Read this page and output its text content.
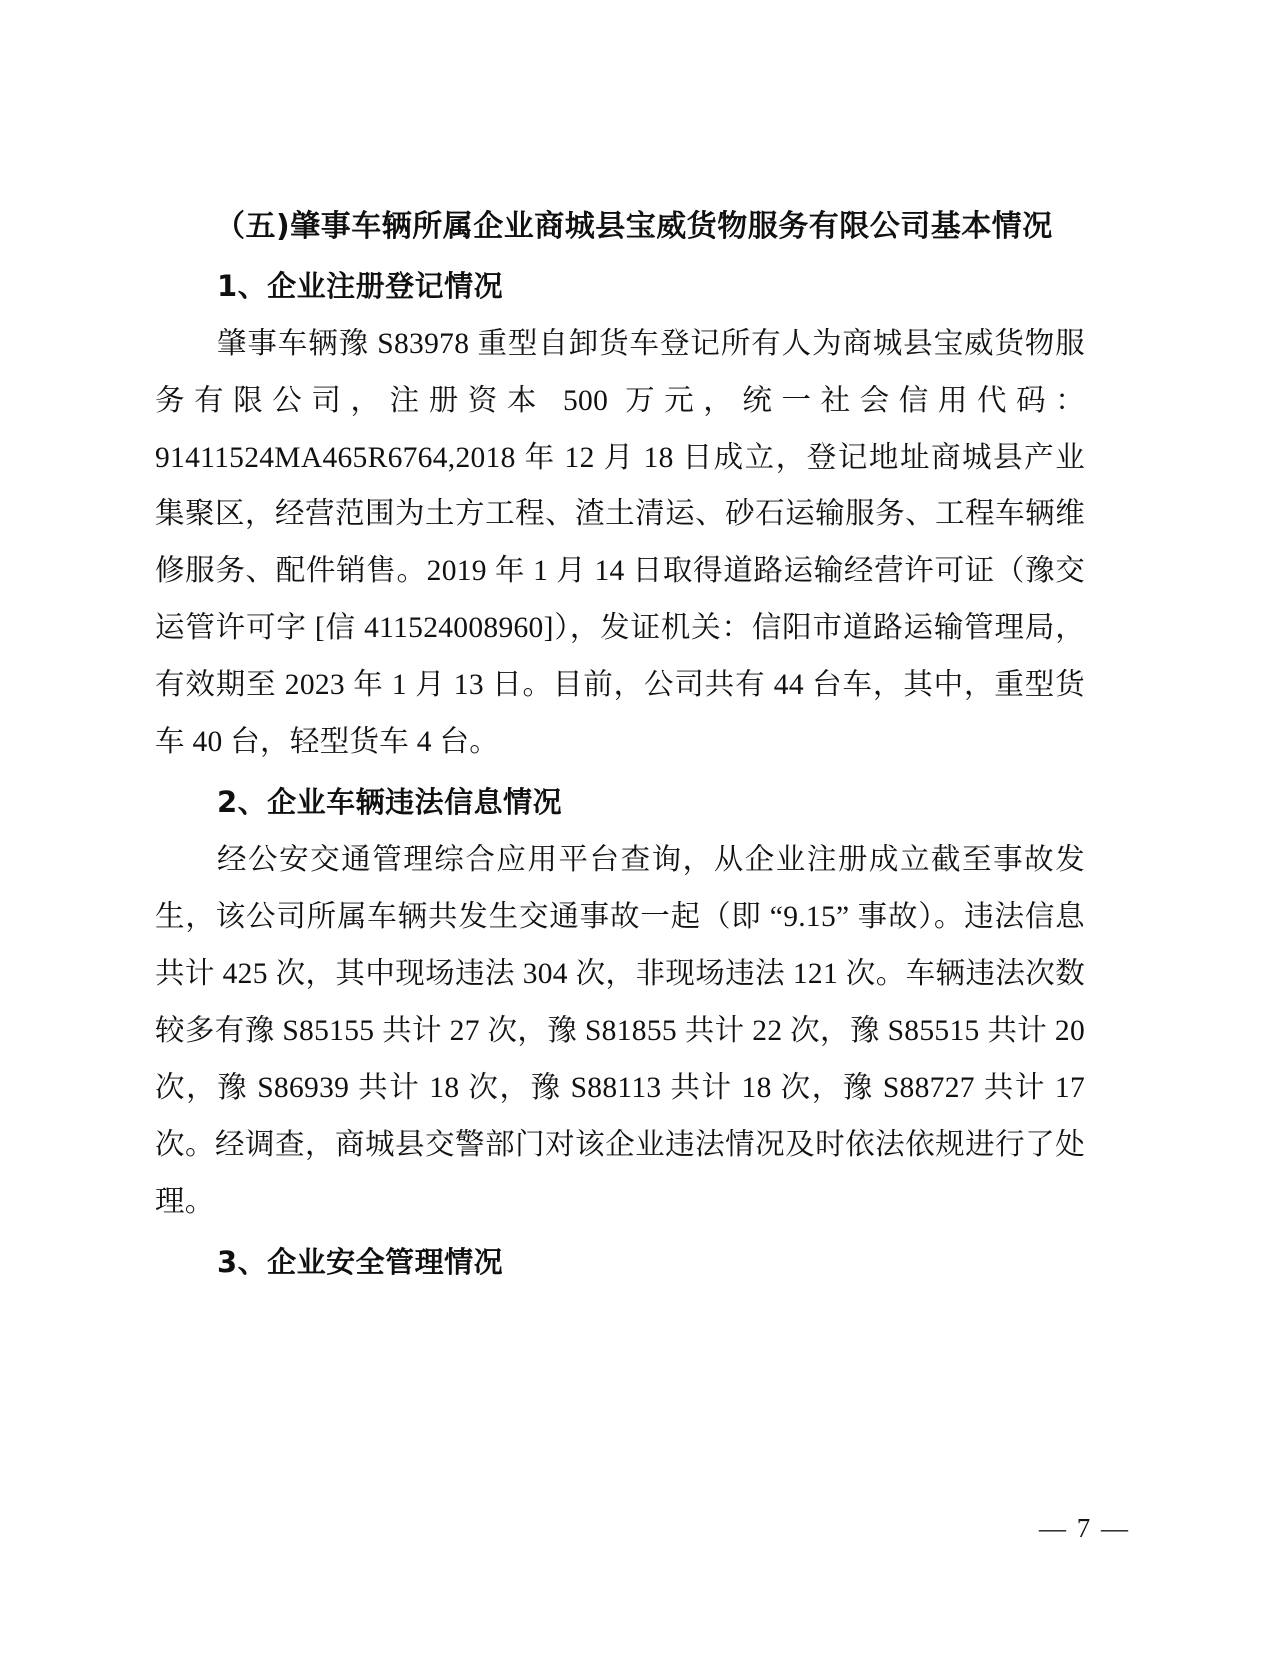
（五)肇事车辆所属企业商城县宝威货物服务有限公司基本情况
1、企业注册登记情况

肇事车辆豫 S83978 重型自卸货车登记所有人为商城县宝威货物服务有限公司，注册资本 500 万元，统一社会信用代码：91411524MA465R6764,2018 年 12 月 18 日成立，登记地址商城县产业集聚区，经营范围为土方工程、渣土清运、砂石运输服务、工程车辆维修服务、配件销售。2019 年 1 月 14 日取得道路运输经营许可证（豫交运管许可字 [信 411524008960]），发证机关：信阳市道路运输管理局，有效期至 2023 年 1 月 13 日。目前，公司共有 44 台车，其中，重型货车 40 台，轻型货车 4 台。

2、企业车辆违法信息情况

经公安交通管理综合应用平台查询，从企业注册成立截至事故发生，该公司所属车辆共发生交通事故一起（即 “9.15” 事故）。违法信息共计 425 次，其中现场违法 304 次，非现场违法 121 次。车辆违法次数较多有豫 S85155 共计 27 次，豫 S81855 共计 22 次，豫 S85515 共计 20 次，豫 S86939 共计 18 次，豫 S88113 共计 18 次，豫 S88727 共计 17 次。经调查，商城县交警部门对该企业违法情况及时依法依规进行了处理。

3、企业安全管理情况
— 7 —
